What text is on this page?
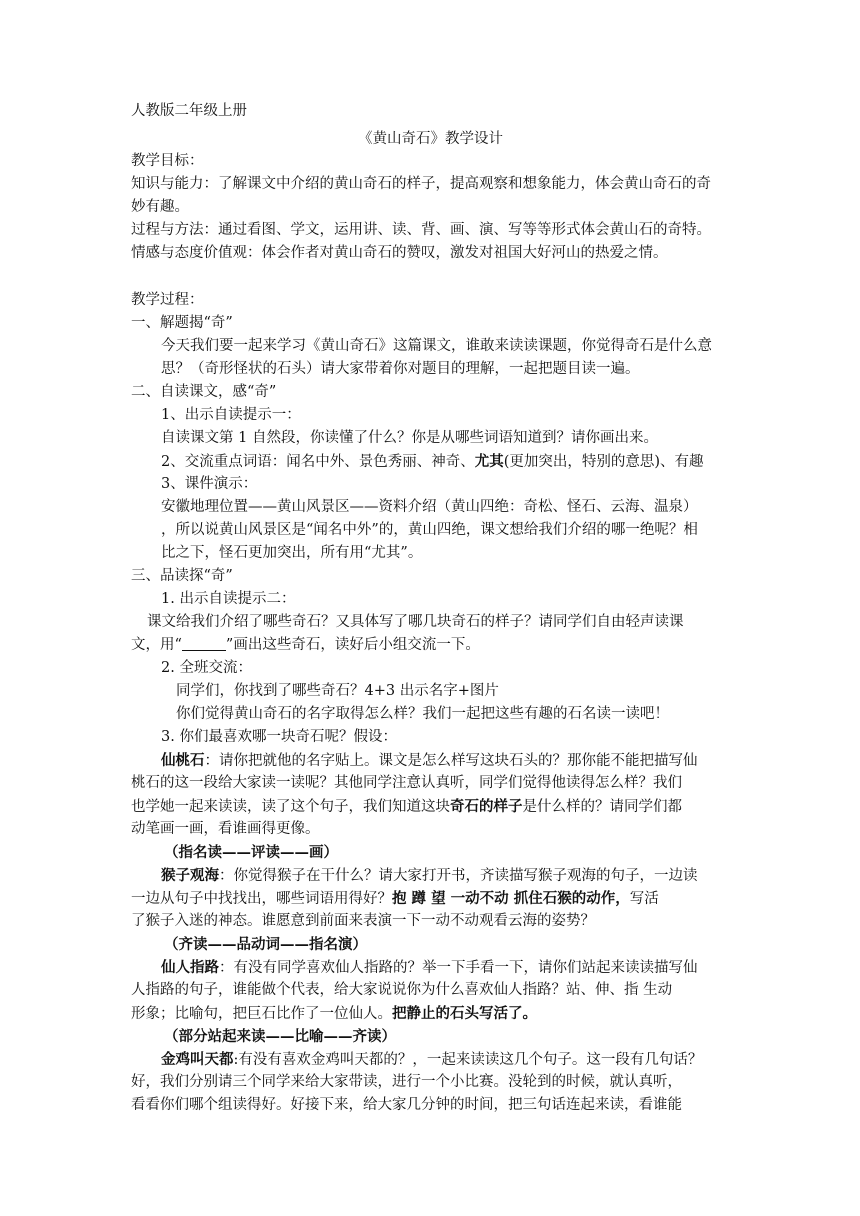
人教版二年级上册
《黄山奇石》教学设计
教学目标：
知识与能力：了解课文中介绍的黄山奇石的样子，提高观察和想象能力，体会黄山奇石的奇
妙有趣。
过程与方法：通过看图、学文，运用讲、读、背、画、演、写等等形式体会黄山石的奇特。
情感与态度价值观：体会作者对黄山奇石的赞叹，激发对祖国大好河山的热爱之情。
教学过程：
一、解题揭“奇”
今天我们要一起来学习《黄山奇石》这篇课文，谁敢来读读课题，你觉得奇石是什么意
思？（奇形怪状的石头）请大家带着你对题目的理解，一起把题目读一遍。
二、自读课文，感“奇”
1、出示自读提示一：
自读课文第 1 自然段，你读懂了什么？你是从哪些词语知道到？请你画出来。
2、交流重点词语：闻名中外、景色秀丽、神奇、尤其(更加突出，特别的意思)、有趣
3、课件演示：
安徽地理位置——黄山风景区——资料介绍（黄山四绝：奇松、怪石、云海、温泉）
，所以说黄山风景区是“闻名中外”的，黄山四绝，课文想给我们介绍的哪一绝呢？相
比之下，怪石更加突出，所有用“尤其”。
三、品读探“奇”
1. 出示自读提示二：
课文给我们介绍了哪些奇石？又具体写了哪几块奇石的样子？请同学们自由轻声读课
文，用“	”画出这些奇石，读好后小组交流一下。
2. 全班交流：
同学们，你找到了哪些奇石？4+3 出示名字+图片
你们觉得黄山奇石的名字取得怎么样？我们一起把这些有趣的石名读一读吧！
3. 你们最喜欢哪一块奇石呢？假设：
仙桃石：请你把就他的名字贴上。课文是怎么样写这块石头的？那你能不能把描写仙
桃石的这一段给大家读一读呢？其他同学注意认真听，同学们觉得他读得怎么样？我们
也学她一起来读读，读了这个句子，我们知道这块奇石的样子是什么样的？请同学们都
动笔画一画，看谁画得更像。
（指名读——评读——画）
猴子观海：你觉得猴子在干什么？请大家打开书，齐读描写猴子观海的句子，一边读
一边从句子中找找出，哪些词语用得好？抱 蹲 望 一动不动 抓住石猴的动作，写活
了猴子入迷的神态。谁愿意到前面来表演一下一动不动观看云海的姿势？
（齐读——品动词——指名演）
仙人指路：有没有同学喜欢仙人指路的？举一下手看一下，请你们站起来读读描写仙
人指路的句子，谁能做个代表，给大家说说你为什么喜欢仙人指路？站、伸、指 生动
形象；比喻句，把巨石比作了一位仙人。把静止的石头写活了。
（部分站起来读——比喻——齐读）
金鸡叫天都:有没有喜欢金鸡叫天都的？，一起来读读这几个句子。这一段有几句话？
好，我们分别请三个同学来给大家带读，进行一个小比赛。没轮到的时候，就认真听，
看看你们哪个组读得好。好接下来，给大家几分钟的时间，把三句话连起来读，看谁能
